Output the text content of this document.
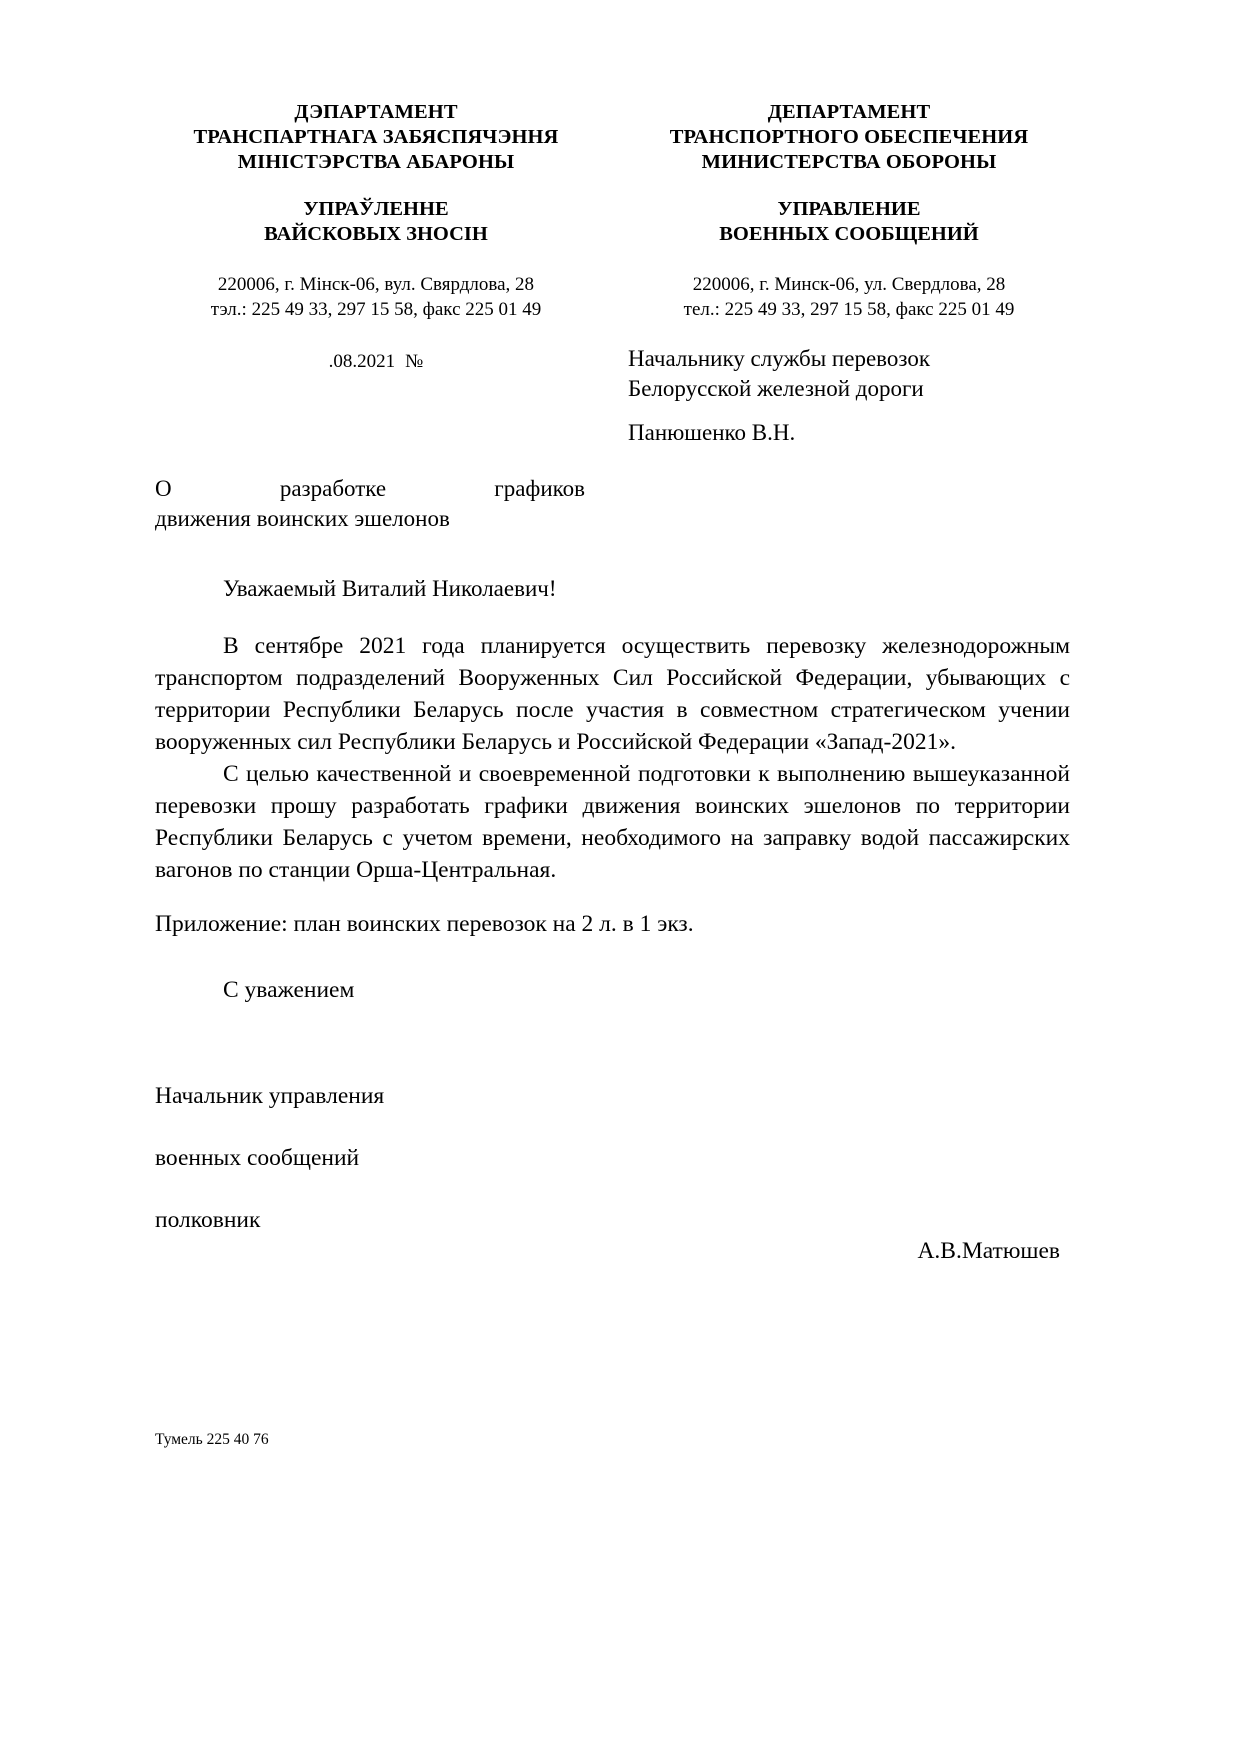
ДЭПАРТАМЕНТ
ТРАНСПАРТНАГА ЗАБЯСПЯЧЭННЯ
МІНІСТЭРСТВА АБАРОНЫ
УПРАЎЛЕННЕ
ВАЙСКОВЫХ ЗНОСІН
220006, г. Мінск-06, вул. Свярдлова, 28
тэл.: 225 49 33, 297 15 58, факс 225 01 49
ДЕПАРТАМЕНТ
ТРАНСПОРТНОГО ОБЕСПЕЧЕНИЯ
МИНИСТЕРСТВА ОБОРОНЫ
УПРАВЛЕНИЕ
ВОЕННЫХ СООБЩЕНИЙ
220006, г. Минск-06, ул. Свердлова, 28
тел.: 225 49 33, 297 15 58, факс 225 01 49
.08.2021 №	Начальнику службы перевозок
Белорусской железной дороги
Панюшенко В.Н.
О разработке графиков
движения воинских эшелонов
Уважаемый Виталий Николаевич!
В сентябре 2021 года планируется осуществить перевозку железнодорожным транспортом подразделений Вооруженных Сил Российской Федерации, убывающих с территории Республики Беларусь после участия в совместном стратегическом учении вооруженных сил Республики Беларусь и Российской Федерации «Запад-2021».
С целью качественной и своевременной подготовки к выполнению вышеуказанной перевозки прошу разработать графики движения воинских эшелонов по территории Республики Беларусь с учетом времени, необходимого на заправку водой пассажирских вагонов по станции Орша-Центральная.
Приложение: план воинских перевозок на 2 л. в 1 экз.
С уважением

Начальник управления

военных сообщений

полковник

А.В.Матюшев
Тумель 225 40 76
